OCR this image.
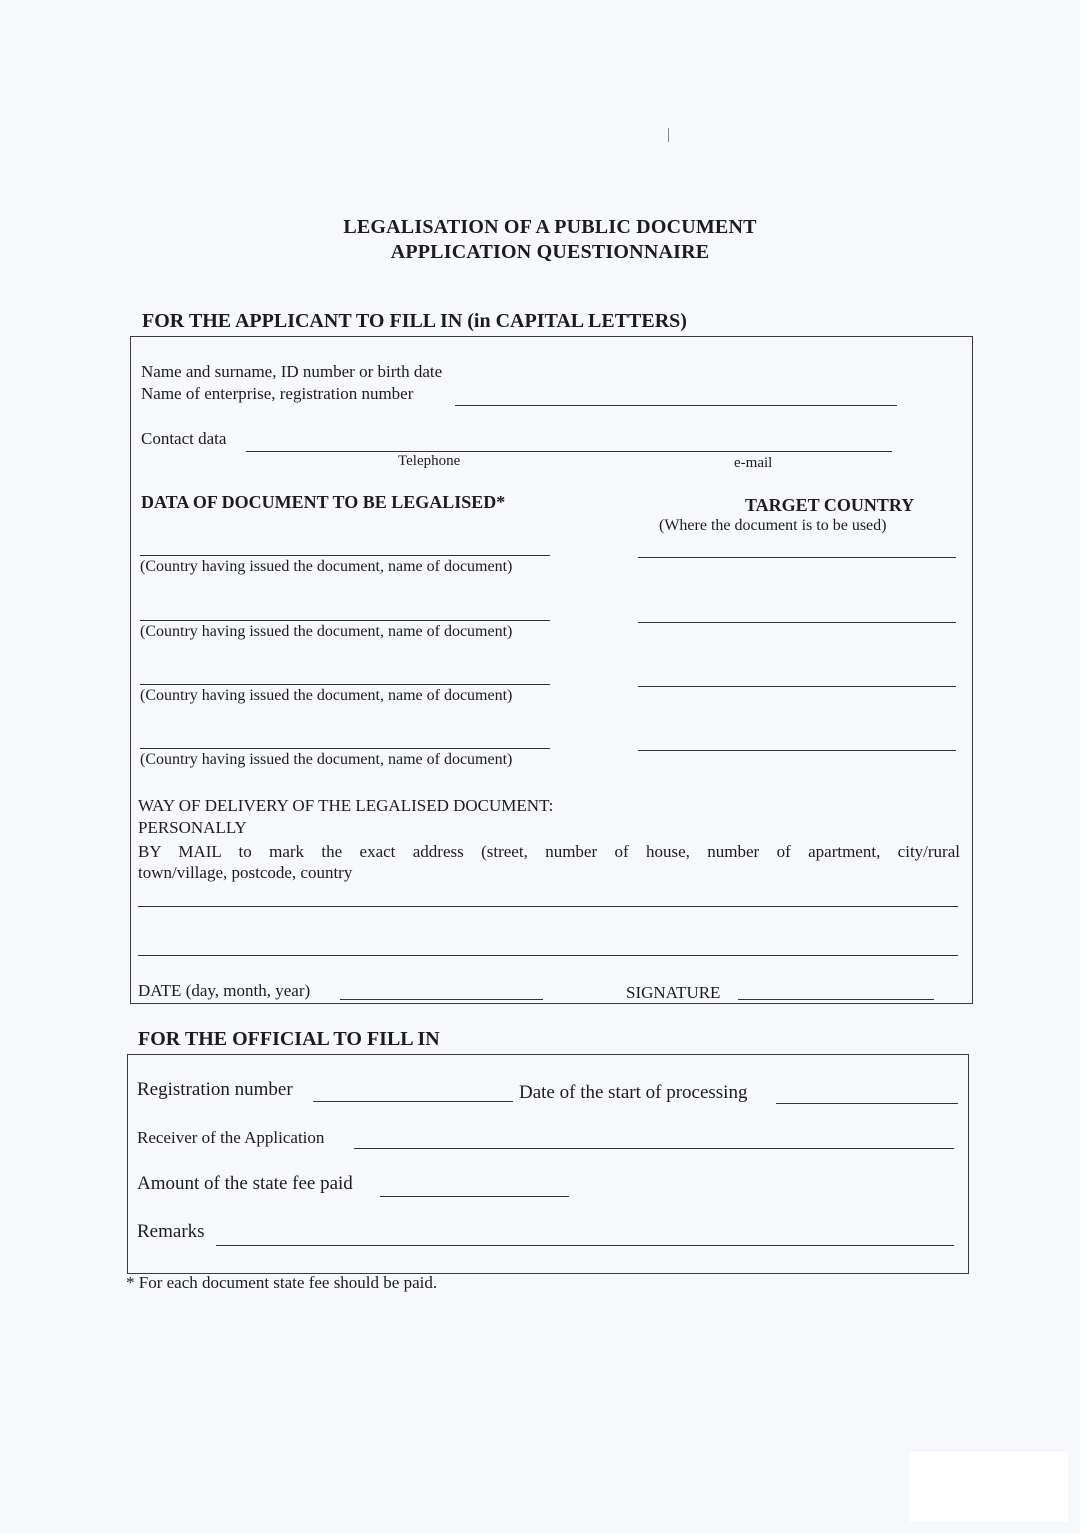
LEGALISATION OF A PUBLIC DOCUMENT
APPLICATION QUESTIONNAIRE
FOR THE APPLICANT TO FILL IN (in CAPITAL LETTERS)
Name and surname, ID number or birth date
Name of enterprise, registration number
Contact data
Telephone	e-mail
DATA OF DOCUMENT TO BE LEGALISED*	TARGET COUNTRY
(Where the document is to be used)
(Country having issued the document, name of document)
(Country having issued the document, name of document)
(Country having issued the document, name of document)
(Country having issued the document, name of document)
WAY OF DELIVERY OF THE LEGALISED DOCUMENT:
PERSONALLY
BY MAIL to mark the exact address (street, number of house, number of apartment, city/rural
town/village, postcode, country
DATE (day, month, year)	SIGNATURE
FOR THE OFFICIAL TO FILL IN
Registration number	Date of the start of processing
Receiver of the Application
Amount of the state fee paid
Remarks
* For each document state fee should be paid.
